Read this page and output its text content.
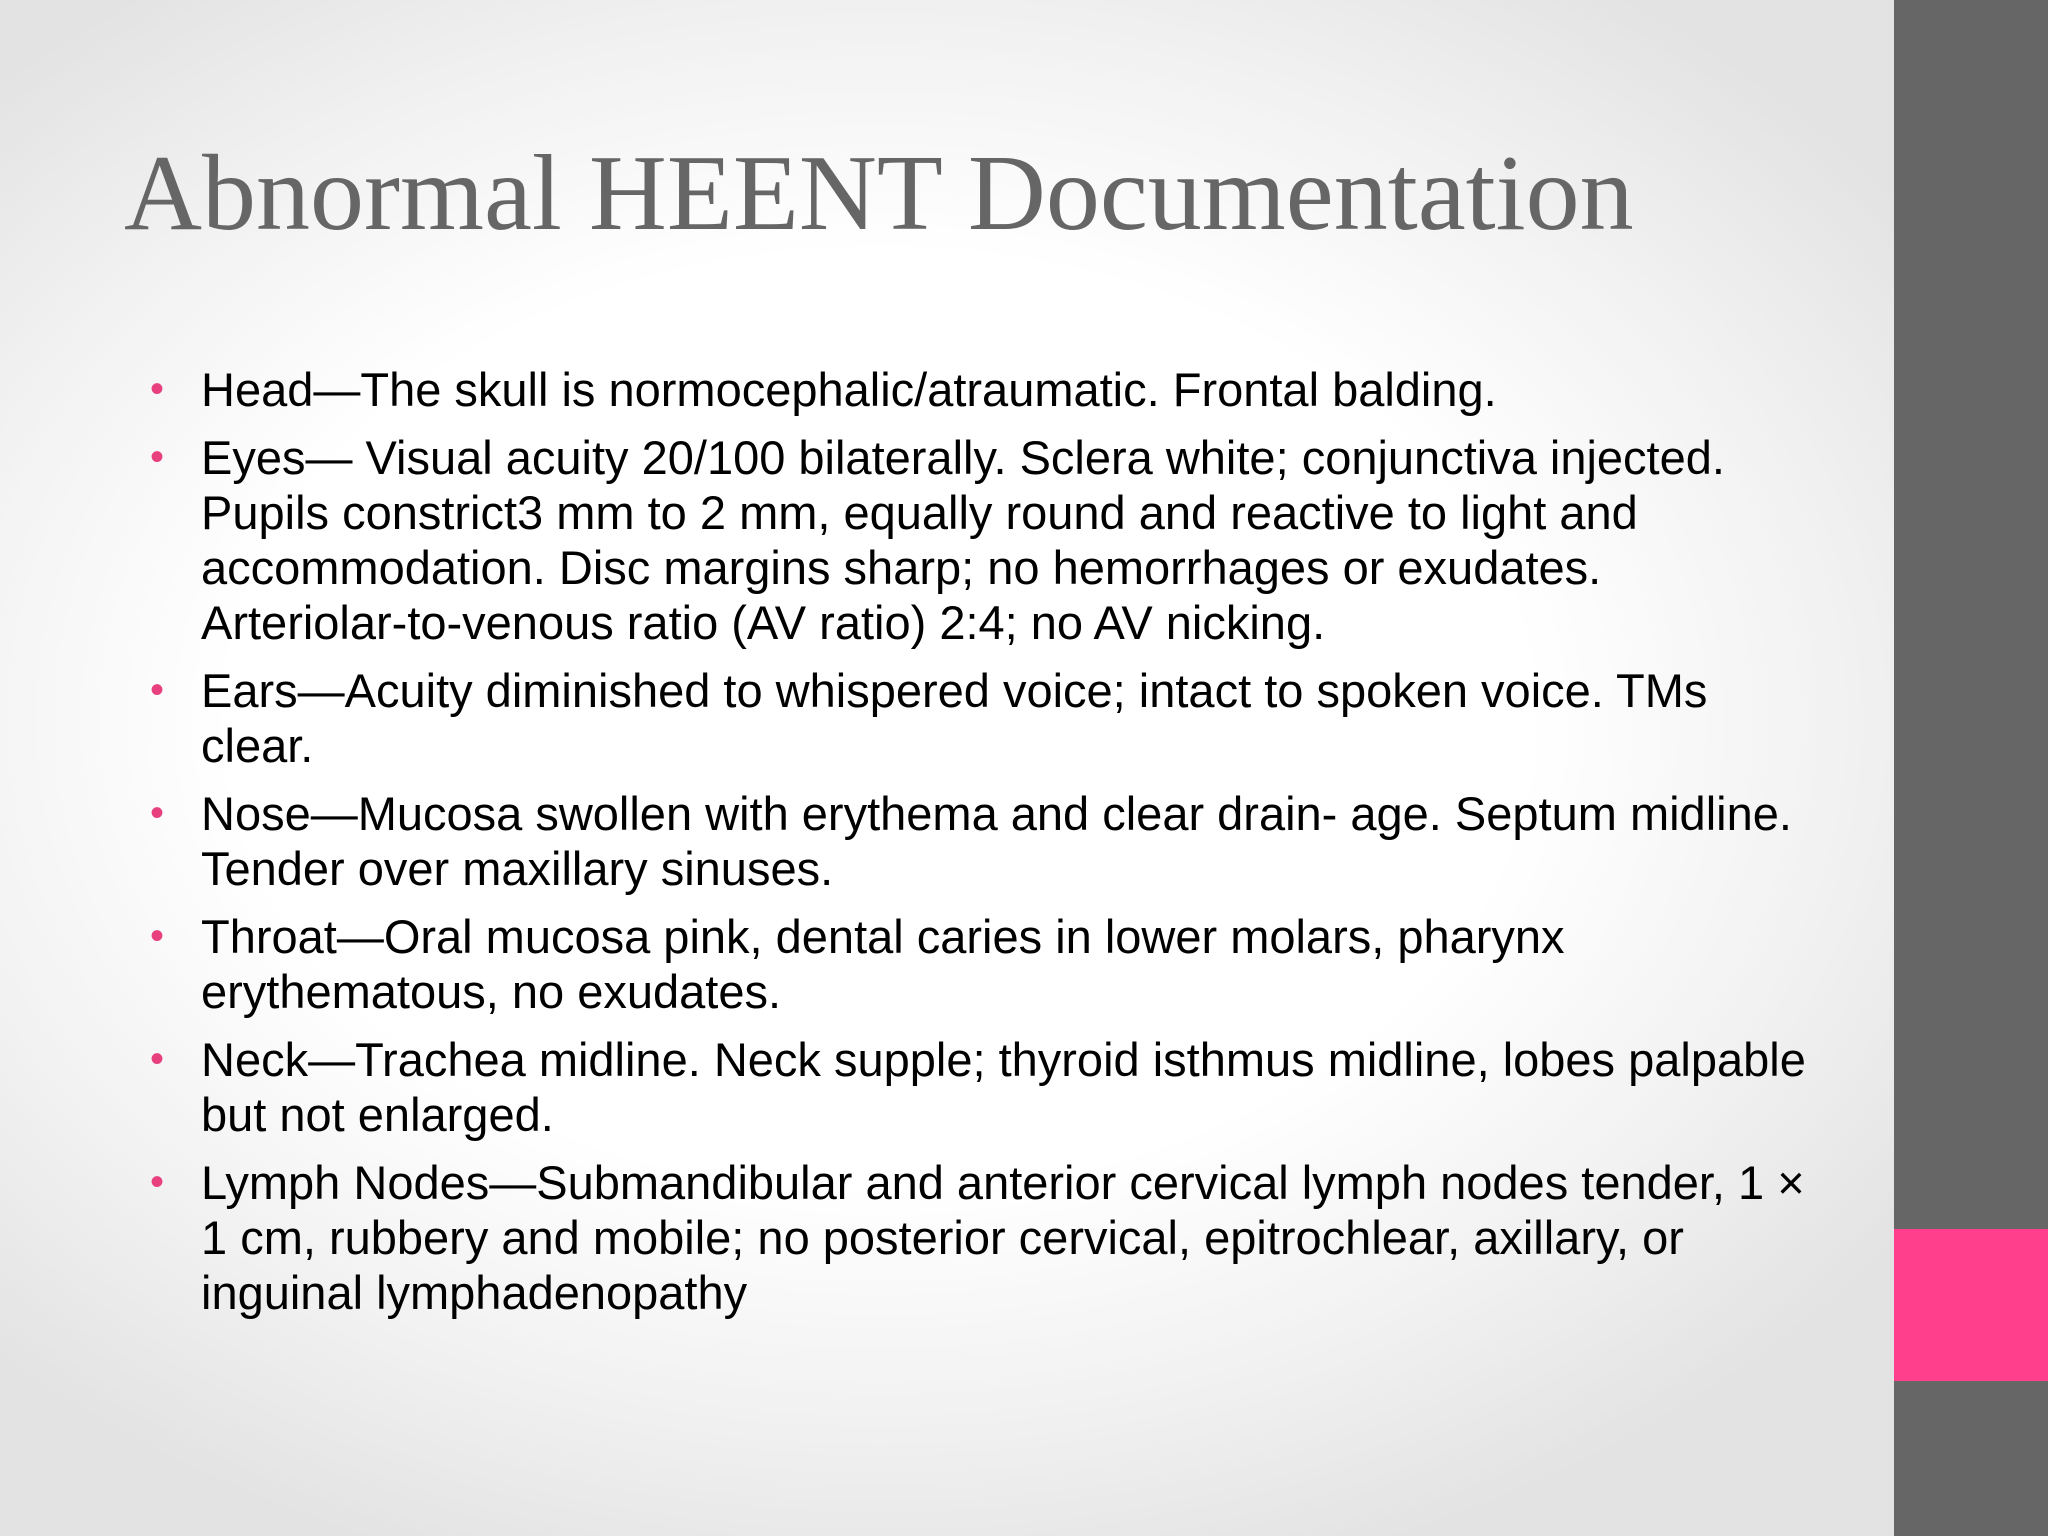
Abnormal HEENT Documentation
• Head—The skull is normocephalic/atraumatic. Frontal balding.
• Eyes— Visual acuity 20/100 bilaterally. Sclera white; conjunctiva injected. Pupils constrict3 mm to 2 mm, equally round and reactive to light and accommodation. Disc margins sharp; no hemorrhages or exudates. Arteriolar-to-venous ratio (AV ratio) 2:4; no AV nicking.
• Ears—Acuity diminished to whispered voice; intact to spoken voice. TMs clear.
• Nose—Mucosa swollen with erythema and clear drain- age. Septum midline. Tender over maxillary sinuses.
• Throat—Oral mucosa pink, dental caries in lower molars, pharynx erythematous, no exudates.
• Neck—Trachea midline. Neck supple; thyroid isthmus midline, lobes palpable but not enlarged.
• Lymph Nodes—Submandibular and anterior cervical lymph nodes tender, 1 × 1 cm, rubbery and mobile; no posterior cervical, epitrochlear, axillary, or inguinal lymphadenopathy
